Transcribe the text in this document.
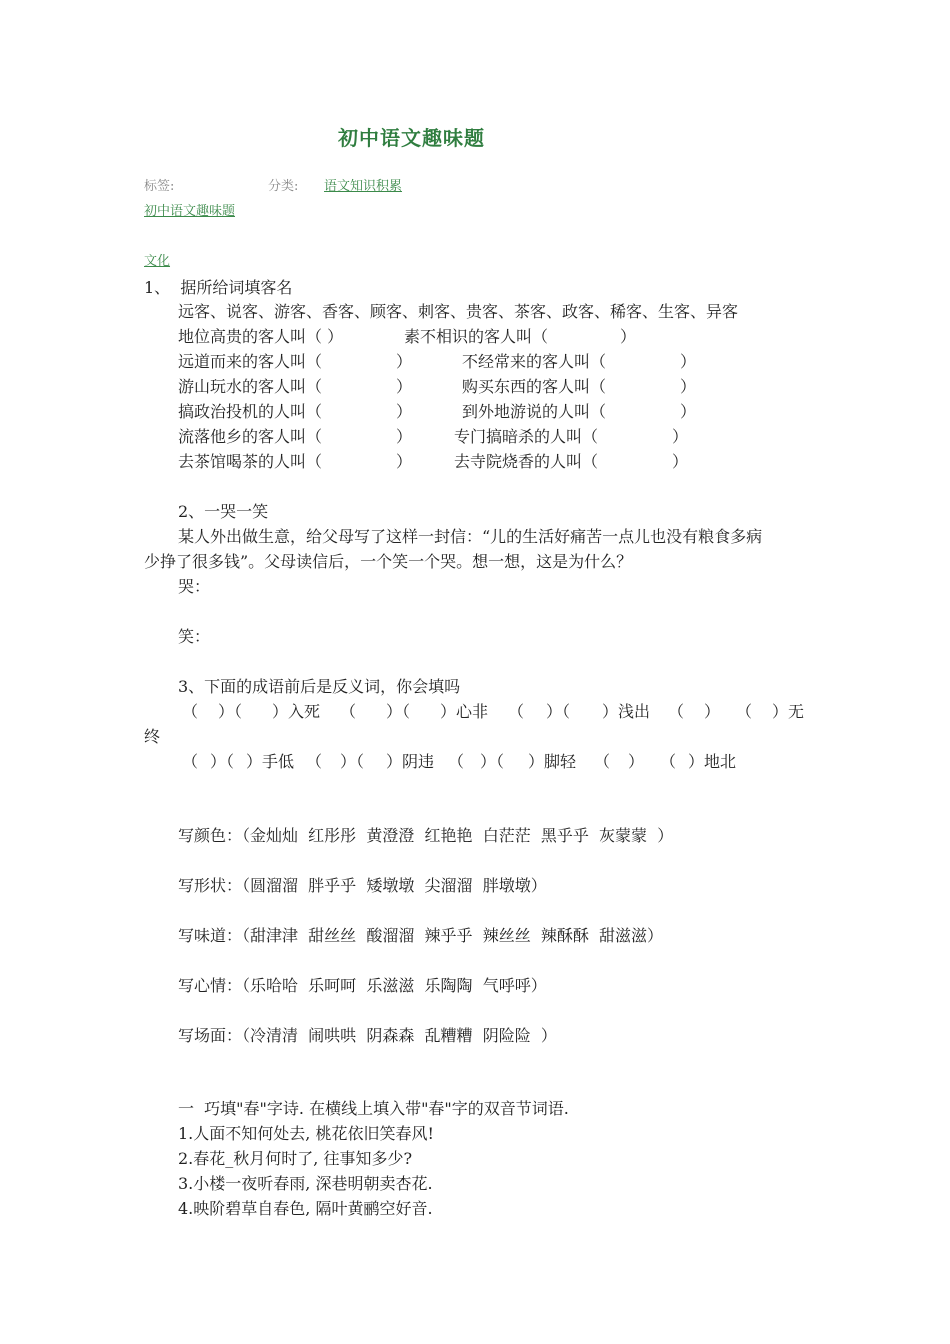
初中语文趣味题
标签:	分类: 语文知识积累
初中语文趣味题
文化
1、  据所给词填客名
远客、说客、游客、香客、顾客、刺客、贵客、茶客、政客、稀客、生客、异客
地位高贵的客人叫（ ）	素不相识的客人叫（	）
远道而来的客人叫（	）	不经常来的客人叫（	）
游山玩水的客人叫（	）	购买东西的客人叫（	）
搞政治投机的人叫（	）	到外地游说的人叫（	）
流落他乡的客人叫（	）	专门搞暗杀的人叫（	）
去茶馆喝茶的人叫（	）	去寺院烧香的人叫（	）
2、一哭一笑
某人外出做生意，给父母写了这样一封信：“儿的生活好痛苦一点儿也没有粮食多病
少挣了很多钱”。父母读信后，一个笑一个哭。想一想，这是为什么？
哭：
笑：
3、下面的成语前后是反义词，你会填吗
（ ）（ ）入死 （ ）（ ）心非 （ ）（ ）浅出 （ ） （ ）无
终
（ ）（ ）手低 （ ）（ ）阴违 （ ）（ ）脚轻 （ ） （ ）地北
写颜色：（金灿灿  红彤彤  黄澄澄  红艳艳  白茫茫  黑乎乎  灰蒙蒙  ）
写形状：（圆溜溜  胖乎乎  矮墩墩  尖溜溜  胖墩墩）
写味道：（甜津津  甜丝丝  酸溜溜  辣乎乎  辣丝丝  辣酥酥  甜滋滋）
写心情：（乐哈哈  乐呵呵  乐滋滋  乐陶陶  气呼呼）
写场面：（冷清清  闹哄哄  阴森森  乱糟糟  阴险险  ）
一  巧填"春"字诗. 在横线上填入带"春"字的双音节词语.
1.人面不知何处去, 桃花依旧笑春风!
2.春花_秋月何时了, 往事知多少?
3.小楼一夜听春雨, 深巷明朝卖杏花.
4.映阶碧草自春色, 隔叶黄鹂空好音.
